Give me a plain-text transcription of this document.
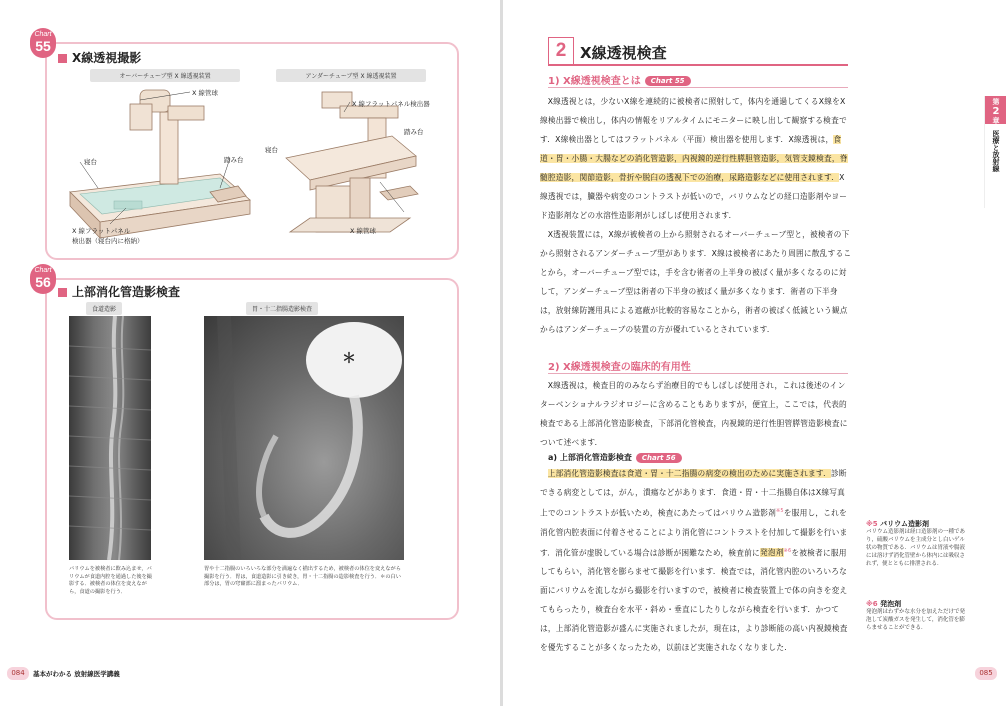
Chart
55
X線透視撮影
オーバーチューブ型 X 線透視装置	アンダーチューブ型 X 線透視装置
X 線管球
寝台	踏み台
X 線フラットパネル
検出器（寝台内に格納）
X 線フラットパネル検出器
踏み台
寝台
X 線管球
Chart
56
上部消化管造影検査
食道造影	胃・十二指腸造影検査
＊
バリウムを被検者に飲み込ませ，バリウムが食道内腔を通過した後を撮影する．被検者の体位を変えながら，食道の撮影を行う．
胃や十二指腸のいろいろな部分を満遍なく描出するため，被検者の体位を変えながら撮影を行う．胃は，食道造影に引き続き，胃・十二指腸の造影検査を行う．＊の白い部分は，胃の穹窿部に溜まったバリウム．
084	基本がわかる 放射線医学講義
2 X線透視検査
1) X線透視検査とは Chart 55

X線透視とは，少ないX線を連続的に被検者に照射して，体内を通過してくるX線をX線検出器で検出し，体内の情報をリアルタイムにモニターに映し出して観察する検査です．X線検出器としてはフラットパネル（平面）検出器を使用します．X線透視は，食道・胃・小腸・大腸などの消化管造影，内視鏡的逆行性膵胆管造影，気管支鏡検査，脊髄腔造影，関節造影，骨折や脱臼の透視下での治療，尿路造影などに使用されます．X線透視では，臓器や病変のコントラストが低いので，バリウムなどの経口造影剤やヨード造影剤などの水溶性造影剤がしばしば使用されます．

X透視装置には，X線が被検者の上から照射されるオーバーチューブ型と，被検者の下から照射されるアンダーチューブ型があります．X線は被検者にあたり周囲に散乱することから，オーバーチューブ型では，手を含む術者の上半身の被ばく量が多くなるのに対して，アンダーチューブ型は術者の下半身の被ばく量が多くなります．術者の下半身は，放射線防護用具による遮蔽が比較的容易なことから，術者の被ばく低減という観点からはアンダーチューブの装置の方が優れているとされています．

2) X線透視検査の臨床的有用性

X線透視は，検査目的のみならず治療目的でもしばしば使用され，これは後述のインターベンショナルラジオロジーに含めることもありますが，便宜上，ここでは，代表的検査である上部消化管造影検査，下部消化管検査，内視鏡的逆行性胆管膵管造影検査について述べます．

a) 上部消化管造影検査 Chart 56

上部消化管造影検査は食道・胃・十二指腸の病変の検出のために実施されます．診断できる病変としては，がん，潰瘍などがあります．食道・胃・十二指腸自体はX線写真上でのコントラストが低いため，検査にあたってはバリウム造影剤$^{※5}$を服用し，これを消化管内腔表面に付着させることにより消化管にコントラストを付加して撮影を行います．消化管が虚脱している場合は診断が困難なため，検査前に発泡剤$^{※6}$を被検者に服用してもらい，消化管を膨らませて撮影を行います．検査では，消化管内腔のいろいろな面にバリウムを流しながら撮影を行いますので，被検者に検査装置上で体の向きを変えてもらったり，検査台を水平・斜め・垂直にしたりしながら検査を行います．かつては，上部消化管造影が盛んに実施されましたが，現在は，より診断能の高い内視鏡検査を優先することが多くなったため，以前ほど実施されなくなりました．

第
2
章
医療と放射線
※5 バリウム造影剤
バリウム造影剤は経口造影剤の一種であり，硫酸バリウムを主成分とし白いゲル状の物質である．バリウムは胃液や腸液には溶けず消化管壁から体内には吸収されず，便とともに排泄される．
※6 発泡剤
発泡剤はわずかな水分を加えただけで発泡して炭酸ガスを発生して，消化管を膨らませることができる．
085
